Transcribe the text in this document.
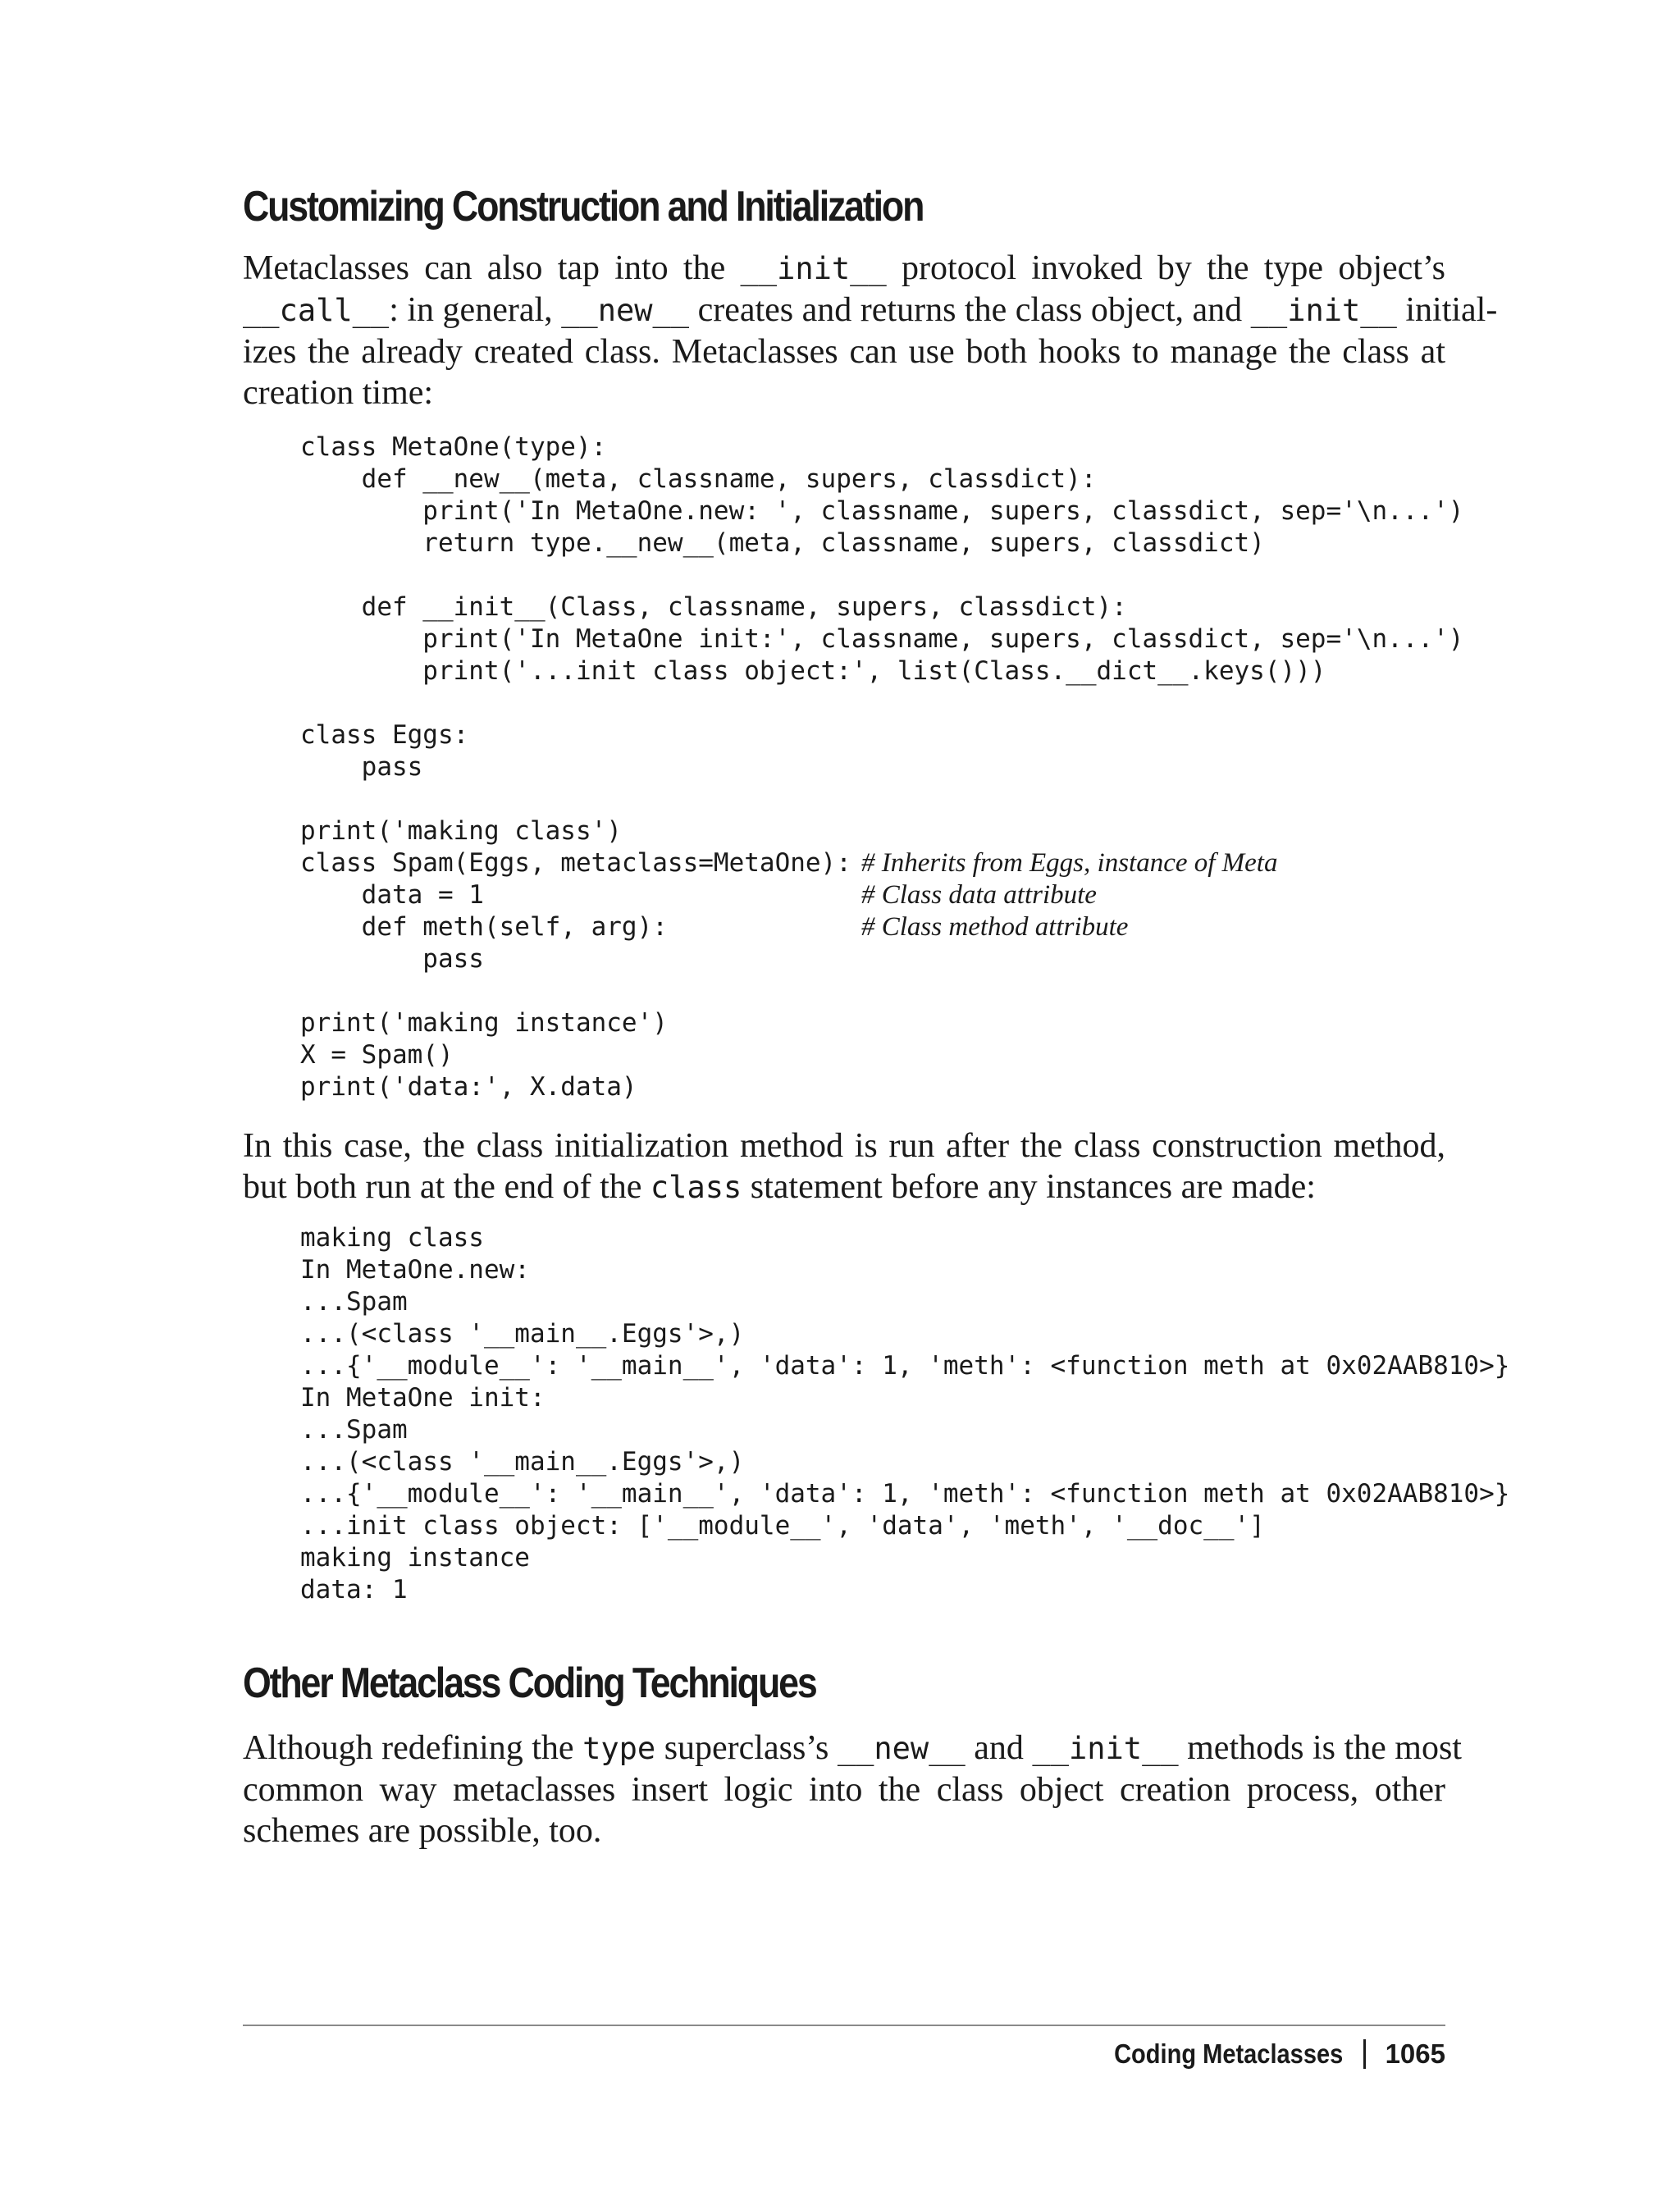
Customizing Construction and Initialization
Metaclasses can also tap into the __init__ protocol invoked by the type object’s
__call__: in general, __new__ creates and returns the class object, and __init__ initial-
izes the already created class. Metaclasses can use both hooks to manage the class at
creation time:
class MetaOne(type):
def __new__(meta, classname, supers, classdict):
print('In MetaOne.new: ', classname, supers, classdict, sep='\n...')
return type.__new__(meta, classname, supers, classdict)
def __init__(Class, classname, supers, classdict):
print('In MetaOne init:', classname, supers, classdict, sep='\n...')
print('...init class object:', list(Class.__dict__.keys()))
class Eggs:
pass
print('making class')
class Spam(Eggs, metaclass=MetaOne): # Inherits from Eggs, instance of Meta
data = 1	# Class data attribute
def meth(self, arg):	# Class method attribute
pass
print('making instance')
X = Spam()
print('data:', X.data)
In this case, the class initialization method is run after the class construction method,
but both run at the end of the class statement before any instances are made:
making class
In MetaOne.new:
...Spam
...(<class '__main__.Eggs'>,)
...{'__module__': '__main__', 'data': 1, 'meth': <function meth at 0x02AAB810>}
In MetaOne init:
...Spam
...(<class '__main__.Eggs'>,)
...{'__module__': '__main__', 'data': 1, 'meth': <function meth at 0x02AAB810>}
...init class object: ['__module__', 'data', 'meth', '__doc__']
making instance
data: 1
Other Metaclass Coding Techniques
Although redefining the type superclass’s __new__ and __init__ methods is the most
common way metaclasses insert logic into the class object creation process, other
schemes are possible, too.
Coding Metaclasses 1065
